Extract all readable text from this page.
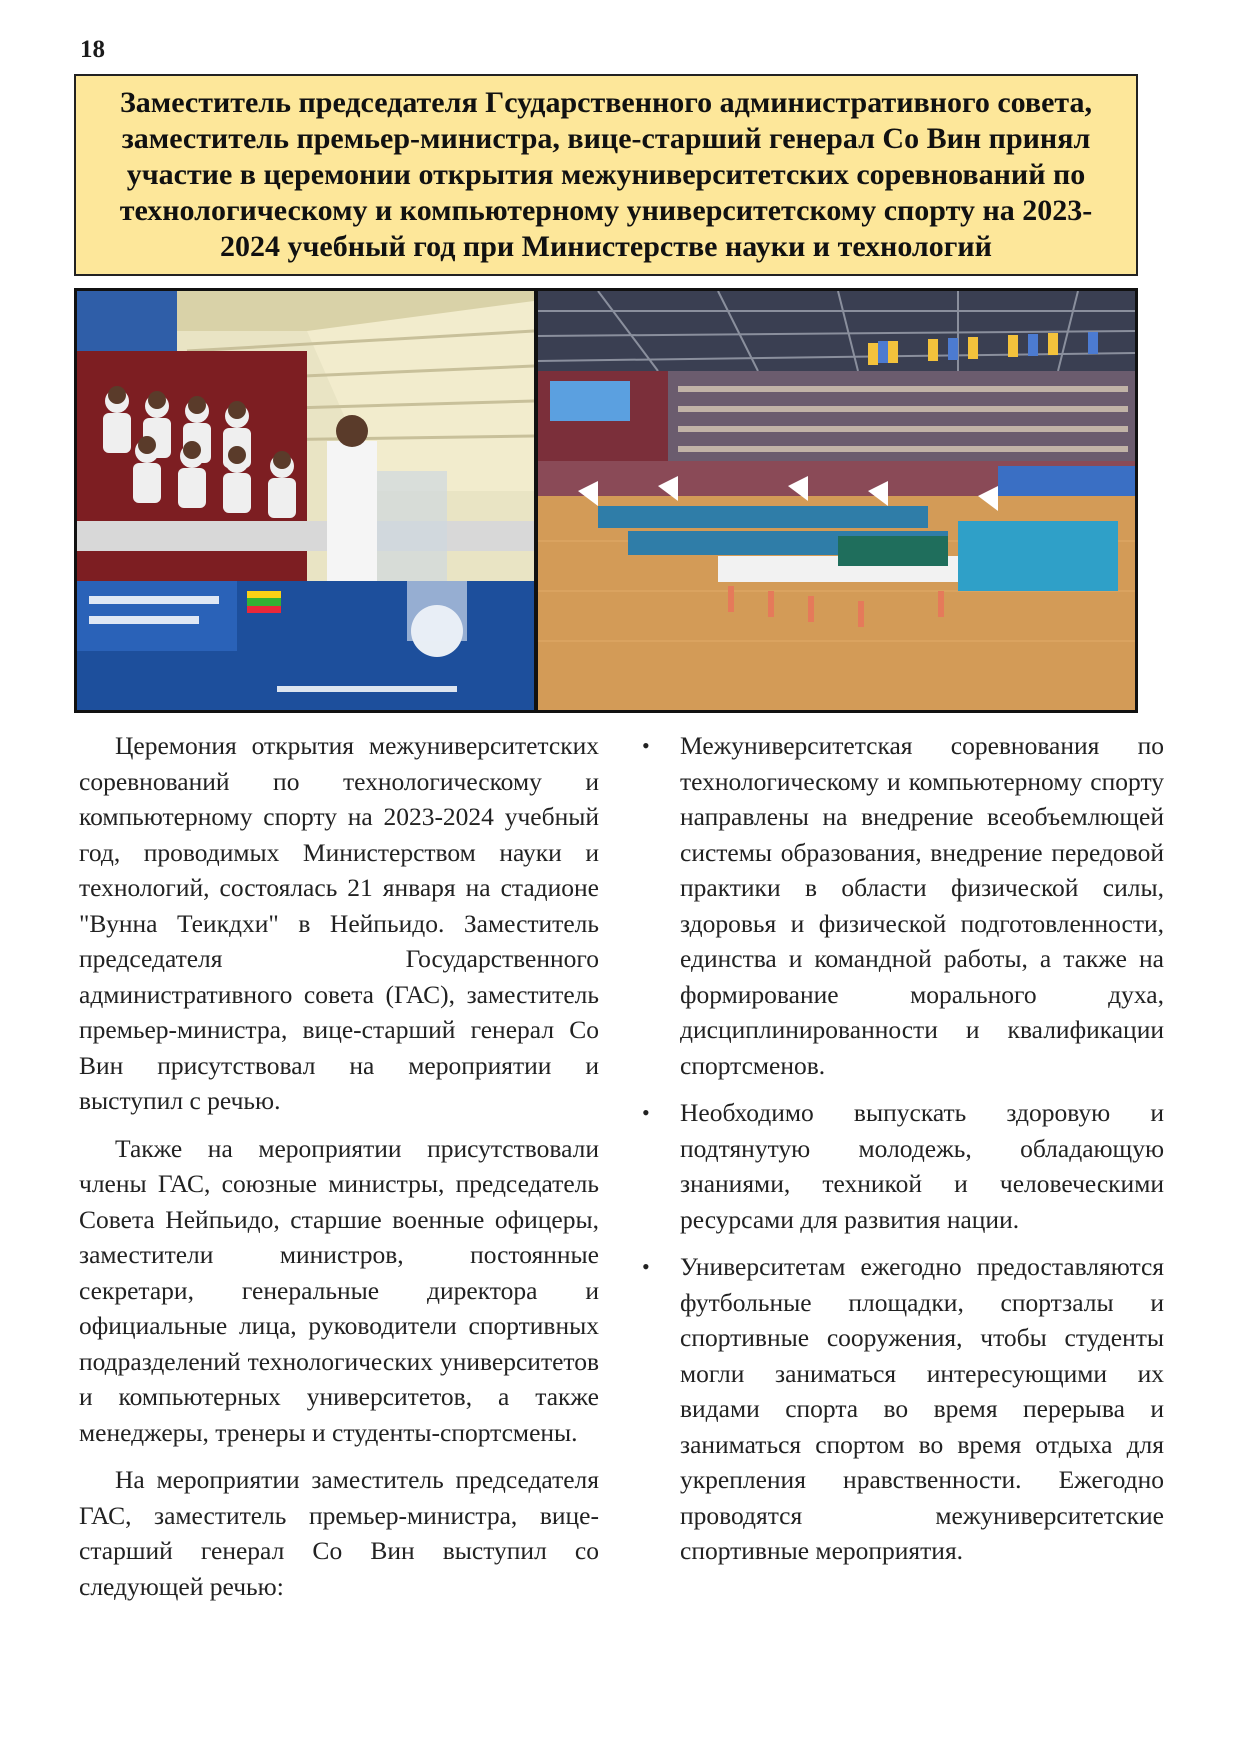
18
Заместитель председателя Гсударственного административного совета, заместитель премьер-министра, вице-старший генерал Со Вин принял участие в церемонии открытия межуниверситетских соревнований по технологическому и компьютерному университетскому спорту на 2023-2024 учебный год при Министерстве науки и технологий

Церемония открытия межуниверситетских соревнований по технологическому и компьютерному спорту на 2023-2024 учебный год, проводимых Министерством науки и технологий, состоялась 21 января на стадионе "Вунна Теикдхи" в Нейпьидо. Заместитель председателя Государственного административного совета (ГАС), заместитель премьер-министра, вице-старший генерал Со Вин присутствовал на мероприятии и выступил с речью.

Также на мероприятии присутствовали члены ГАС, союзные министры, председатель Совета Нейпьидо, старшие военные офицеры, заместители министров, постоянные секретари, генеральные директора и официальные лица, руководители спортивных подразделений технологических университетов и компьютерных университетов, а также менеджеры, тренеры и студенты-спортсмены.

На мероприятии заместитель председателя ГАС, заместитель премьер-министра, вице-старший генерал Со Вин выступил со следующей речью:

• Межуниверситетская соревнования по технологическому и компьютерному спорту направлены на внедрение всеобъемлющей системы образования, внедрение передовой практики в области физической силы, здоровья и физической подготовленности, единства и командной работы, а также на формирование морального духа, дисциплинированности и квалификации спортсменов.
• Необходимо выпускать здоровую и подтянутую молодежь, обладающую знаниями, техникой и человеческими ресурсами для развития нации.
• Университетам ежегодно предоставляются футбольные площадки, спортзалы и спортивные сооружения, чтобы студенты могли заниматься интересующими их видами спорта во время перерыва и заниматься спортом во время отдыха для укрепления нравственности. Ежегодно проводятся межуниверситетские спортивные мероприятия.
